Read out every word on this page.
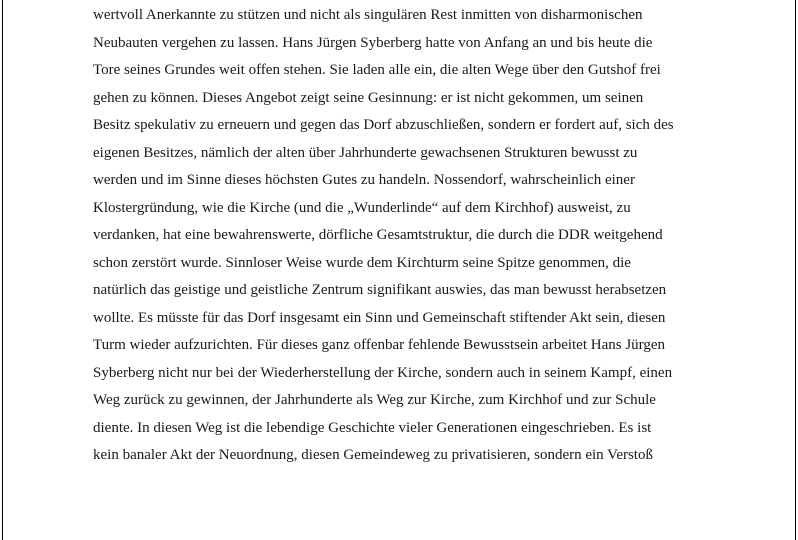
wertvoll Anerkannte zu stützen und nicht als singulären Rest inmitten von disharmonischen
Neubauten vergehen zu lassen. Hans Jürgen Syberberg hatte von Anfang an und bis heute die
Tore seines Grundes weit offen stehen. Sie laden alle ein, die alten Wege über den Gutshof frei
gehen zu können. Dieses Angebot zeigt seine Gesinnung: er ist nicht gekommen, um seinen
Besitz spekulativ zu erneuern und gegen das Dorf abzuschließen, sondern er fordert auf, sich des
eigenen Besitzes, nämlich der alten über Jahrhunderte gewachsenen Strukturen bewusst zu
werden und im Sinne dieses höchsten Gutes zu handeln. Nossendorf, wahrscheinlich einer
Klostergründung, wie die Kirche (und die „Wunderlinde“ auf dem Kirchhof) ausweist, zu
verdanken, hat eine bewahrenswerte, dörfliche Gesamtstruktur, die durch die DDR weitgehend
schon zerstört wurde. Sinnloser Weise wurde dem Kirchturm seine Spitze genommen, die
natürlich das geistige und geistliche Zentrum signifikant auswies, das man bewusst herabsetzen
wollte. Es müsste für das Dorf insgesamt ein Sinn und Gemeinschaft stiftender Akt sein, diesen
Turm wieder aufzurichten. Für dieses ganz offenbar fehlende Bewusstsein arbeitet Hans Jürgen
Syberberg nicht nur bei der Wiederherstellung der Kirche, sondern auch in seinem Kampf, einen
Weg zurück zu gewinnen, der Jahrhunderte als Weg zur Kirche, zum Kirchhof und zur Schule
diente. In diesen Weg ist die lebendige Geschichte vieler Generationen eingeschrieben. Es ist
kein banaler Akt der Neuordnung, diesen Gemeindeweg zu privatisieren, sondern ein Verstoß
